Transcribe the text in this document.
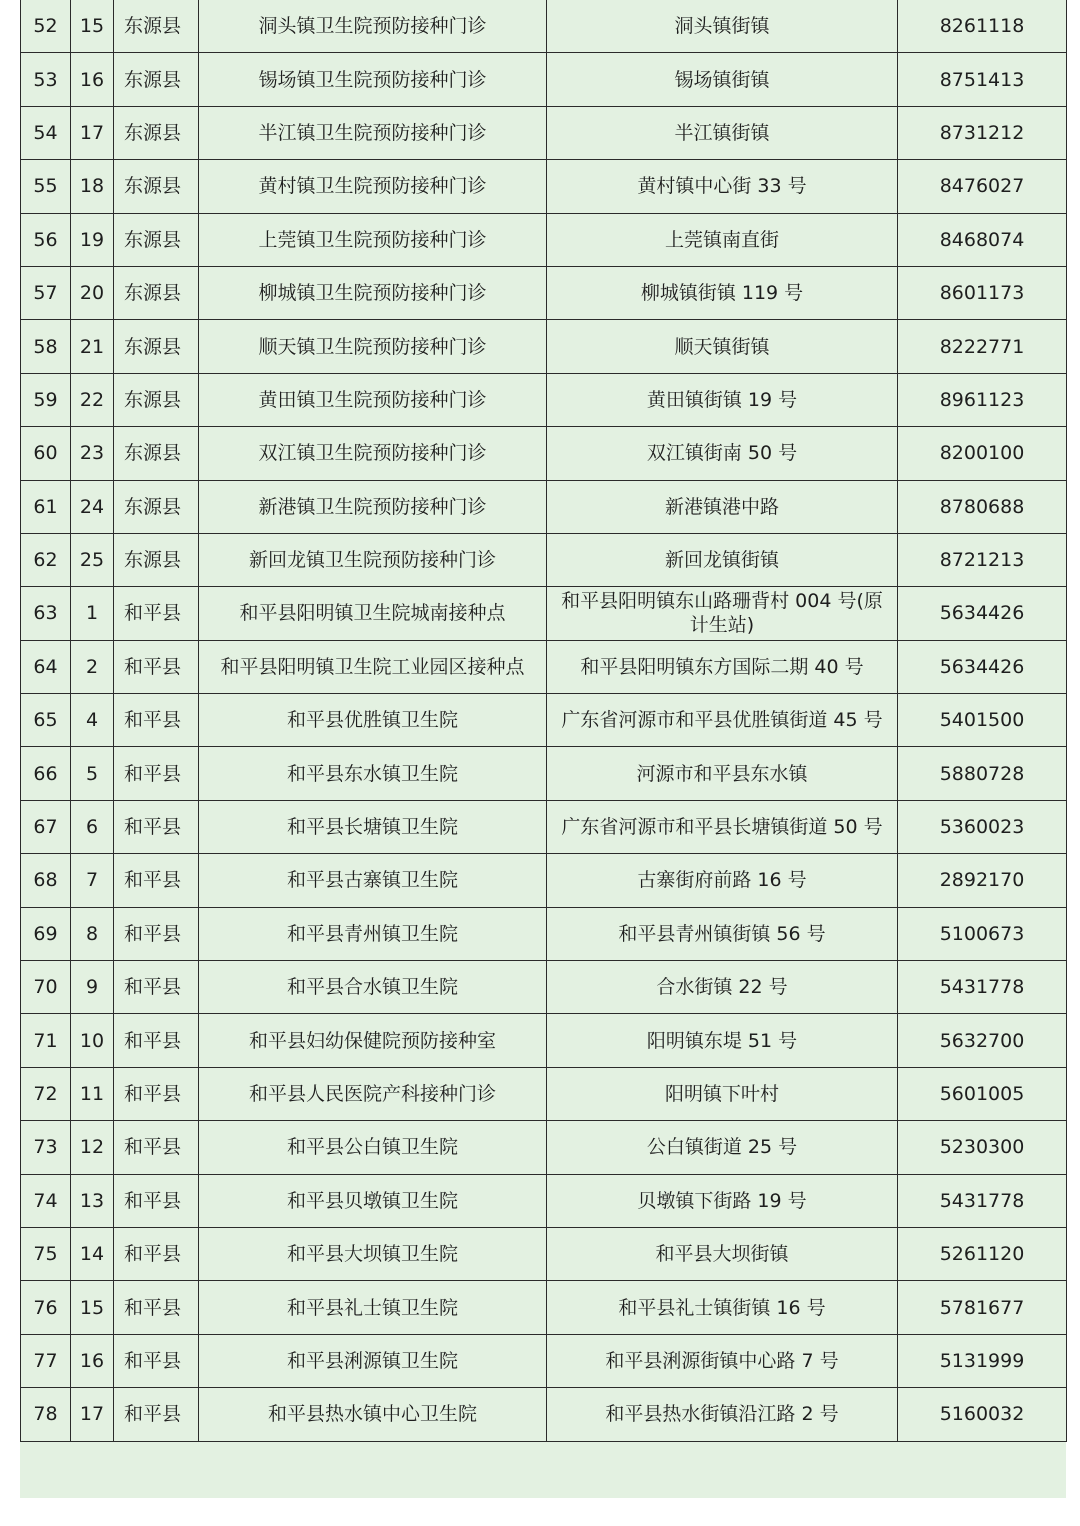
52	15	东源县	洞头镇卫生院预防接种门诊	洞头镇街镇	8261118
53	16	东源县	锡场镇卫生院预防接种门诊	锡场镇街镇	8751413
54	17	东源县	半江镇卫生院预防接种门诊	半江镇街镇	8731212
55	18	东源县	黄村镇卫生院预防接种门诊	黄村镇中心街 33 号	8476027
56	19	东源县	上莞镇卫生院预防接种门诊	上莞镇南直街	8468074
57	20	东源县	柳城镇卫生院预防接种门诊	柳城镇街镇 119 号	8601173
58	21	东源县	顺天镇卫生院预防接种门诊	顺天镇街镇	8222771
59	22	东源县	黄田镇卫生院预防接种门诊	黄田镇街镇 19 号	8961123
60	23	东源县	双江镇卫生院预防接种门诊	双江镇街南 50 号	8200100
61	24	东源县	新港镇卫生院预防接种门诊	新港镇港中路	8780688
62	25	东源县	新回龙镇卫生院预防接种门诊	新回龙镇街镇	8721213
63	1	和平县	和平县阳明镇卫生院城南接种点	和平县阳明镇东山路珊背村 004 号(原计生站)	5634426
64	2	和平县	和平县阳明镇卫生院工业园区接种点	和平县阳明镇东方国际二期 40 号	5634426
65	4	和平县	和平县优胜镇卫生院	广东省河源市和平县优胜镇街道 45 号	5401500
66	5	和平县	和平县东水镇卫生院	河源市和平县东水镇	5880728
67	6	和平县	和平县长塘镇卫生院	广东省河源市和平县长塘镇街道 50 号	5360023
68	7	和平县	和平县古寨镇卫生院	古寨街府前路 16 号	2892170
69	8	和平县	和平县青州镇卫生院	和平县青州镇街镇 56 号	5100673
70	9	和平县	和平县合水镇卫生院	合水街镇 22 号	5431778
71	10	和平县	和平县妇幼保健院预防接种室	阳明镇东堤 51 号	5632700
72	11	和平县	和平县人民医院产科接种门诊	阳明镇下叶村	5601005
73	12	和平县	和平县公白镇卫生院	公白镇街道 25 号	5230300
74	13	和平县	和平县贝墩镇卫生院	贝墩镇下街路 19 号	5431778
75	14	和平县	和平县大坝镇卫生院	和平县大坝街镇	5261120
76	15	和平县	和平县礼士镇卫生院	和平县礼士镇街镇 16 号	5781677
77	16	和平县	和平县浰源镇卫生院	和平县浰源街镇中心路 7 号	5131999
78	17	和平县	和平县热水镇中心卫生院	和平县热水街镇沿江路 2 号	5160032
